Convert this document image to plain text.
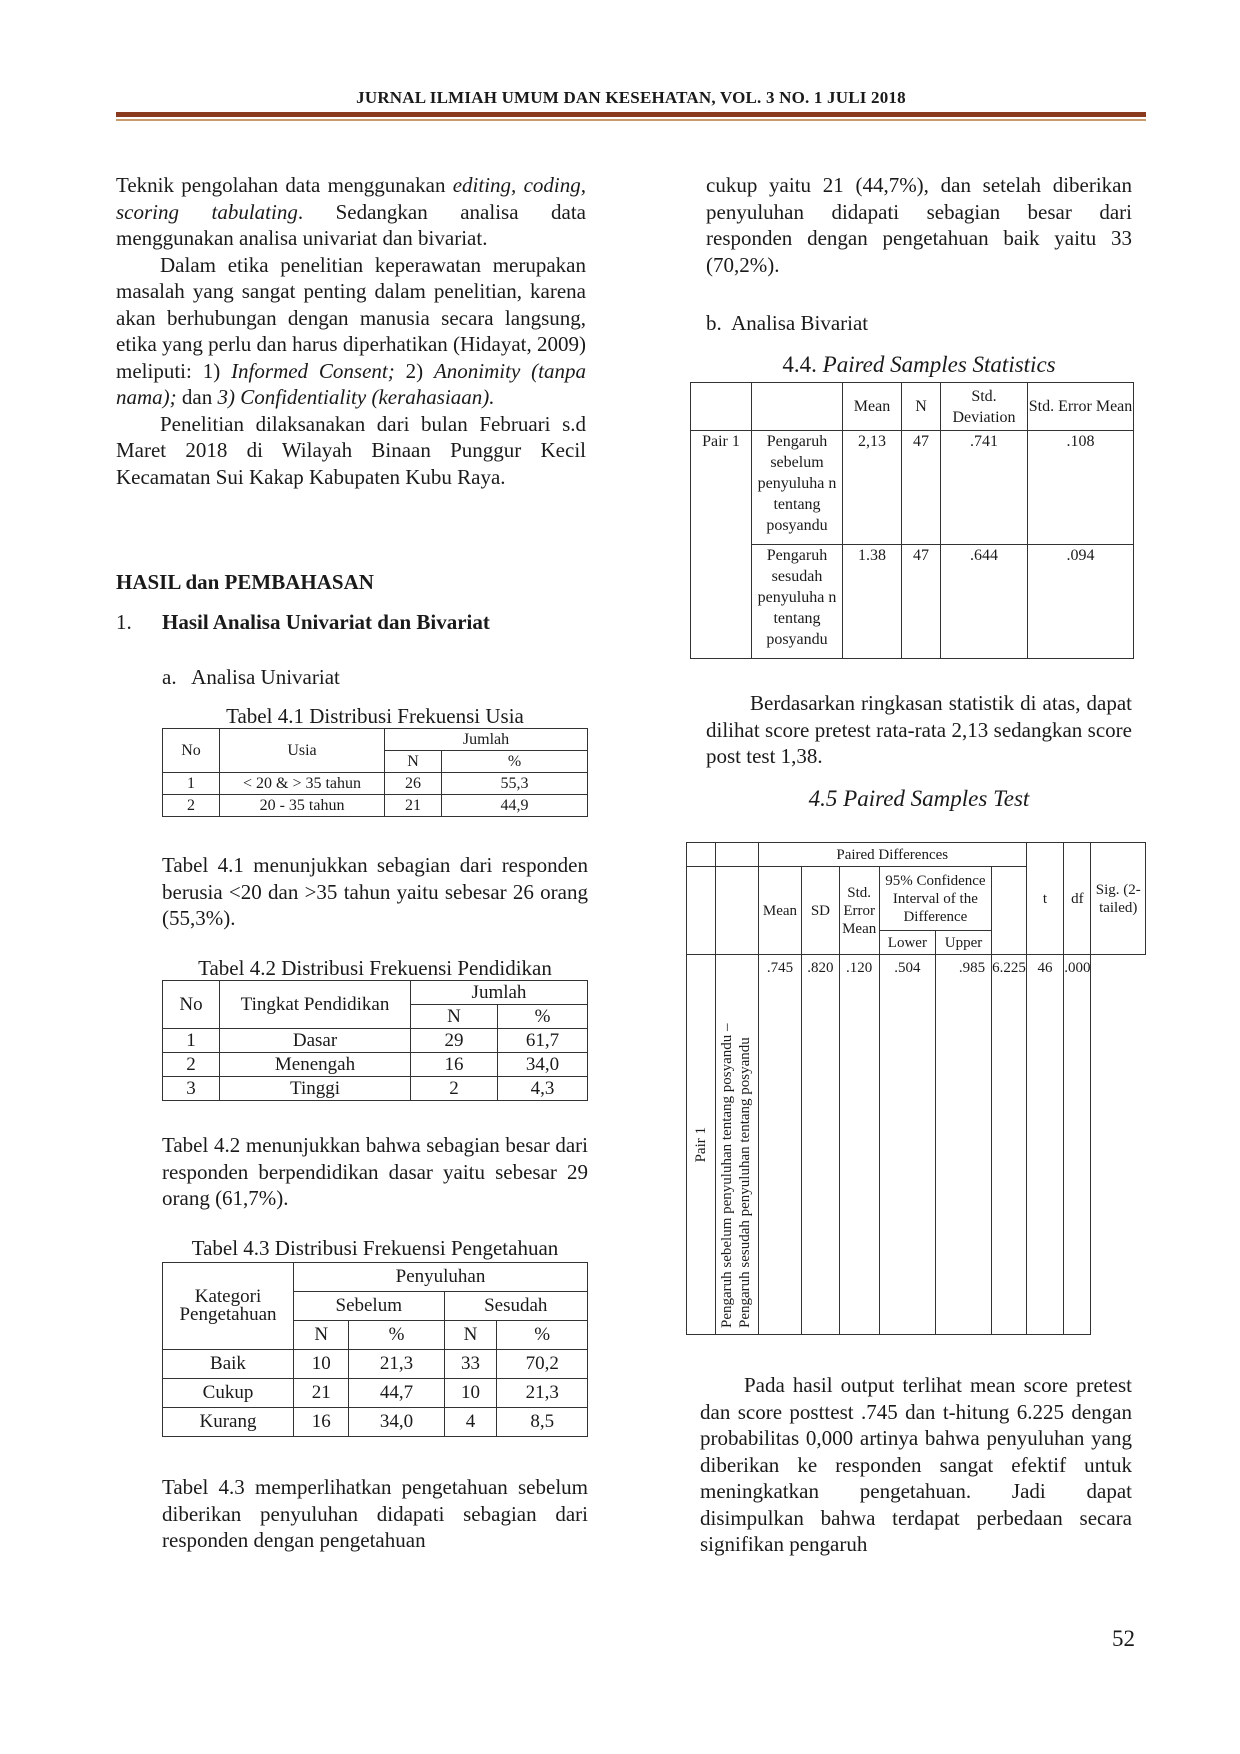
JURNAL ILMIAH UMUM DAN KESEHATAN, VOL. 3 NO. 1 JULI 2018

Teknik pengolahan data menggunakan editing, coding, scoring tabulating. Sedangkan analisa data menggunakan analisa univariat dan bivariat.

Dalam etika penelitian keperawatan merupakan masalah yang sangat penting dalam penelitian, karena akan berhubungan dengan manusia secara langsung, etika yang perlu dan harus diperhatikan (Hidayat, 2009) meliputi: 1) Informed Consent; 2) Anonimity (tanpa nama); dan 3) Confidentiality (kerahasiaan).

Penelitian dilaksanakan dari bulan Februari s.d Maret 2018 di Wilayah Binaan Punggur Kecil Kecamatan Sui Kakap Kabupaten Kubu Raya.

HASIL dan PEMBAHASAN
1. Hasil Analisa Univariat dan Bivariat
a.   Analisa Univariat
Tabel 4.1 Distribusi Frekuensi Usia
No	Usia	Jumlah	
		N	%
1	< 20 & > 35 tahun	26	55,3
2	20 - 35 tahun	21	44,9
Tabel 4.1 menunjukkan sebagian dari responden berusia <20 dan >35 tahun yaitu sebesar 26 orang (55,3%).
Tabel 4.2 Distribusi Frekuensi Pendidikan
No	Tingkat Pendidikan	Jumlah	
		N	%
1	Dasar	29	61,7
2	Menengah	16	34,0
3	Tinggi	2	4,3
Tabel 4.2 menunjukkan bahwa sebagian besar dari responden berpendidikan dasar yaitu sebesar 29 orang (61,7%).
Tabel 4.3 Distribusi Frekuensi Pengetahuan
Kategori Pengetahuan	Penyuluhan			
	Sebelum		Sesudah	
	N	%	N	%
Baik	10	21,3	33	70,2
Cukup	21	44,7	10	21,3
Kurang	16	34,0	4	8,5
Tabel 4.3 memperlihatkan pengetahuan sebelum diberikan penyuluhan didapati sebagian dari responden dengan pengetahuan
cukup yaitu 21 (44,7%), dan setelah diberikan penyuluhan didapati sebagian besar dari responden dengan pengetahuan baik yaitu 33 (70,2%).
b.  Analisa Bivariat
4.4. Paired Samples Statistics
		Mean	N	Std. Deviation	Std. Error Mean
Pair 1	Pengaruh sebelum penyuluha n tentang posyandu	2,13	47	.741	.108
	Pengaruh sesudah penyuluha n tentang posyandu	1.38	47	.644	.094
Berdasarkan ringkasan statistik di atas, dapat dilihat score pretest rata-rata 2,13 sedangkan score post test 1,38.
4.5 Paired Samples Test
		Paired Differences						t	df	Sig. (2-tailed)
		Mean	SD	Std. Error Mean	95% Confidence Interval of the Difference				
					Lower	Upper				

Pair 1	Pengaruh sebelum penyuluhan tentang posyandu – Pengaruh sesudah penyuluhan tentang posyandu	.745	.820	.120	.504	.985	6.225	46	.000	
Pada hasil output terlihat mean score pretest dan score posttest .745 dan t-hitung 6.225 dengan probabilitas 0,000 artinya bahwa penyuluhan yang diberikan ke responden sangat efektif untuk meningkatkan pengetahuan. Jadi dapat disimpulkan bahwa terdapat perbedaan secara signifikan pengaruh
52
